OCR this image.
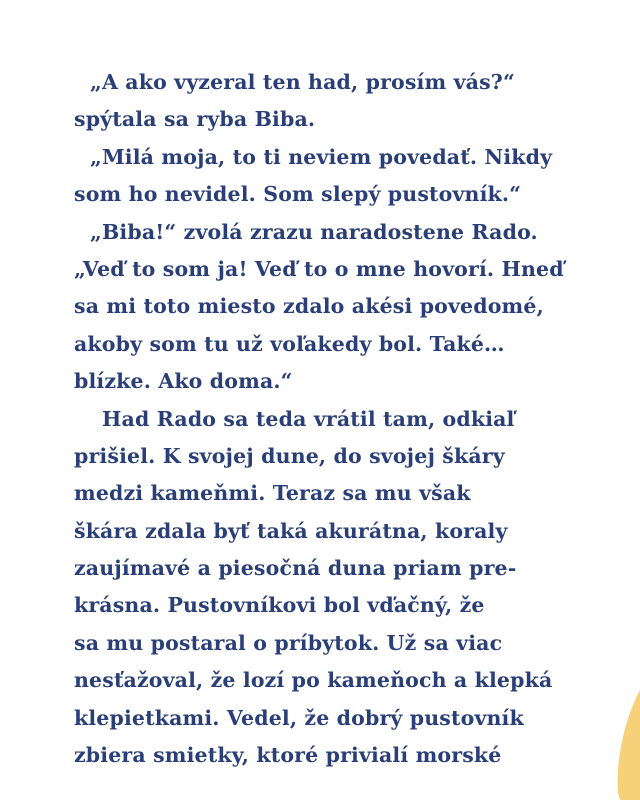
„A ako vyzeral ten had, prosím vás?“
spýtala sa ryba Biba.
„Milá moja, to ti neviem povedať. Nikdy
som ho nevidel. Som slepý pustovník.“
„Biba!“ zvolá zrazu naradostene Rado.
„Veď to som ja! Veď to o mne hovorí. Hneď
sa mi toto miesto zdalo akési povedomé,
akoby som tu už voľakedy bol. Také…
blízke. Ako doma.“
Had Rado sa teda vrátil tam, odkiaľ
prišiel. K svojej dune, do svojej škáry
medzi kameňmi. Teraz sa mu však
škára zdala byť taká akurátna, koraly
zaujímavé a piesočná duna priam pre-
krásna. Pustovníkovi bol vďačný, že
sa mu postaral o príbytok. Už sa viac
nesťažoval, že lozí po kameňoch a klepká
klepietkami. Vedel, že dobrý pustovník
zbiera smietky, ktoré privialí morské
